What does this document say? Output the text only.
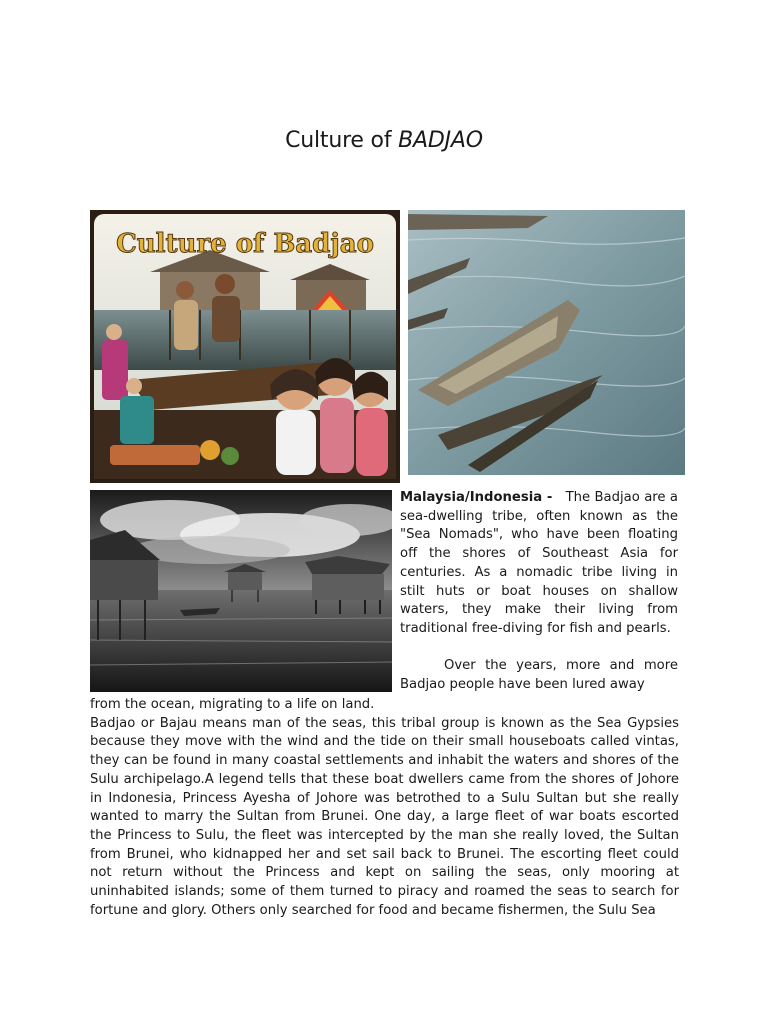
Culture of BADJAO
Culture of Badjao

Malaysia/Indonesia - The Badjao are a sea-dwelling tribe, often known as the "Sea Nomads", who have been floating off the shores of Southeast Asia for centuries. As a nomadic tribe living in stilt huts or boat houses on shallow waters, they make their living from traditional free-diving for fish and pearls.

Over the years, more and more Badjao people have been lured away

from the ocean, migrating to a life on land.

Badjao or Bajau means man of the seas, this tribal group is known as the Sea Gypsies because they move with the wind and the tide on their small houseboats called vintas, they can be found in many coastal settlements and inhabit the waters and shores of the Sulu archipelago.A legend tells that these boat dwellers came from the shores of Johore in Indonesia, Princess Ayesha of Johore was betrothed to a Sulu Sultan but she really wanted to marry the Sultan from Brunei. One day, a large fleet of war boats escorted the Princess to Sulu, the fleet was intercepted by the man she really loved, the Sultan from Brunei, who kidnapped her and set sail back to Brunei. The escorting fleet could not return without the Princess and kept on sailing the seas, only mooring at uninhabited islands; some of them turned to piracy and roamed the seas to search for fortune and glory. Others only searched for food and became fishermen, the Sulu Sea
